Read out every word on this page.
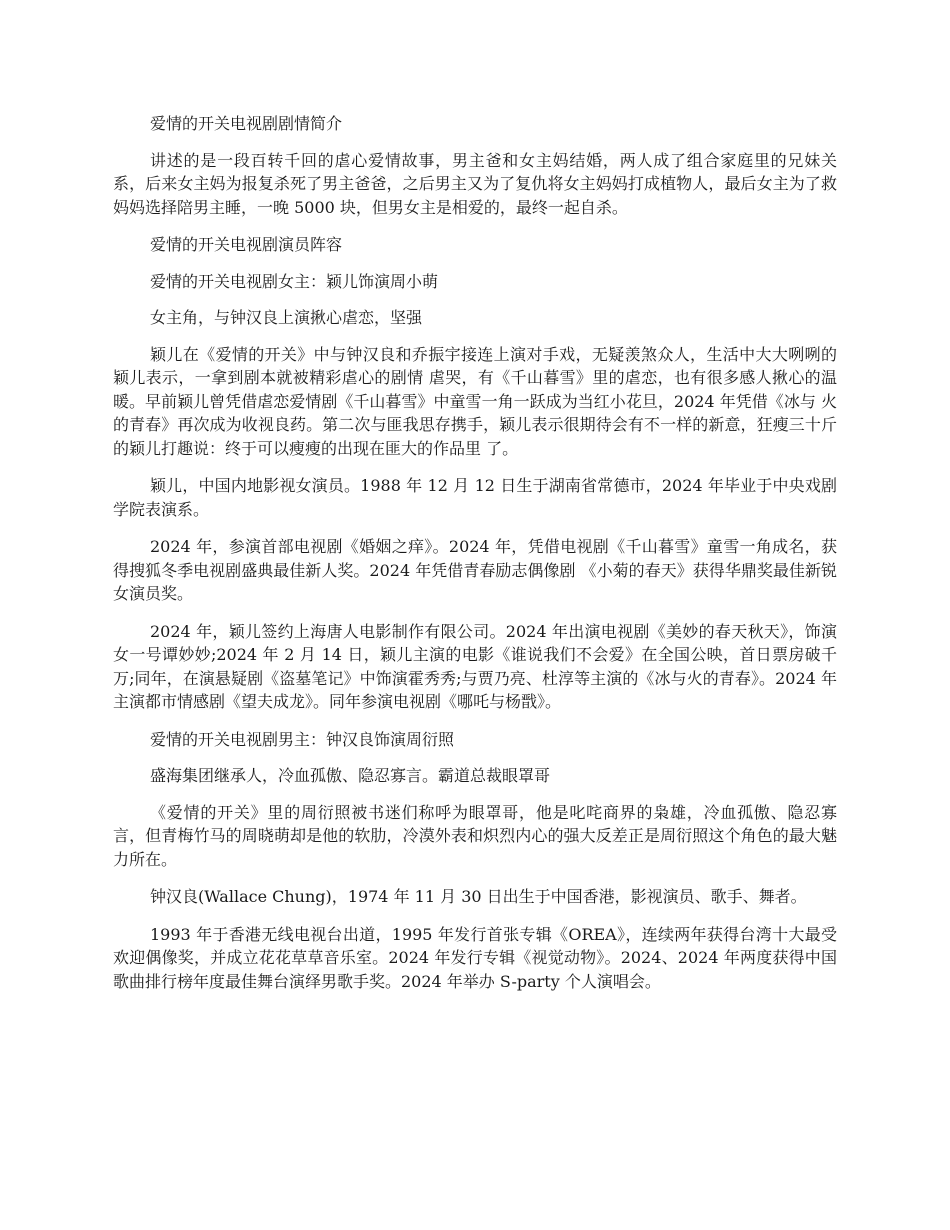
爱情的开关电视剧剧情简介

讲述的是一段百转千回的虐心爱情故事，男主爸和女主妈结婚，两人成了组合家庭里的兄妹关系，后来女主妈为报复杀死了男主爸爸，之后男主又为了复仇将女主妈妈打成植物人，最后女主为了救妈妈选择陪男主睡，一晚 5000 块，但男女主是相爱的，最终一起自杀。

爱情的开关电视剧演员阵容

爱情的开关电视剧女主：颖儿饰演周小萌

女主角，与钟汉良上演揪心虐恋，坚强

颖儿在《爱情的开关》中与钟汉良和乔振宇接连上演对手戏，无疑羡煞众人，生活中大大咧咧的颖儿表示，一拿到剧本就被精彩虐心的剧情 虐哭，有《千山暮雪》里的虐恋，也有很多感人揪心的温暖。早前颖儿曾凭借虐恋爱情剧《千山暮雪》中童雪一角一跃成为当红小花旦，2024 年凭借《冰与 火的青春》再次成为收视良药。第二次与匪我思存携手，颖儿表示很期待会有不一样的新意，狂瘦三十斤的颖儿打趣说：终于可以瘦瘦的出现在匪大的作品里 了。

颖儿，中国内地影视女演员。1988 年 12 月 12 日生于湖南省常德市，2024 年毕业于中央戏剧学院表演系。

2024 年，参演首部电视剧《婚姻之痒》。2024 年，凭借电视剧《千山暮雪》童雪一角成名，获得搜狐冬季电视剧盛典最佳新人奖。2024 年凭借青春励志偶像剧 《小菊的春天》获得华鼎奖最佳新锐女演员奖。

2024 年，颖儿签约上海唐人电影制作有限公司。2024 年出演电视剧《美妙的春天秋天》，饰演女一号谭妙妙;2024 年 2 月 14 日，颖儿主演的电影《谁说我们不会爱》在全国公映，首日票房破千万;同年，在演悬疑剧《盗墓笔记》中饰演霍秀秀;与贾乃亮、杜淳等主演的《冰与火的青春》。2024 年主演都市情感剧《望夫成龙》。同年参演电视剧《哪吒与杨戬》。

爱情的开关电视剧男主：钟汉良饰演周衍照

盛海集团继承人，冷血孤傲、隐忍寡言。霸道总裁眼罩哥

《爱情的开关》里的周衍照被书迷们称呼为眼罩哥，他是叱咤商界的枭雄，冷血孤傲、隐忍寡言，但青梅竹马的周晓萌却是他的软肋，冷漠外表和炽烈内心的强大反差正是周衍照这个角色的最大魅力所在。

钟汉良(Wallace Chung)，1974 年 11 月 30 日出生于中国香港，影视演员、歌手、舞者。

1993 年于香港无线电视台出道，1995 年发行首张专辑《OREA》，连续两年获得台湾十大最受欢迎偶像奖，并成立花花草草音乐室。2024 年发行专辑《视觉动物》。2024、2024 年两度获得中国歌曲排行榜年度最佳舞台演绎男歌手奖。2024 年举办 S-party 个人演唱会。
